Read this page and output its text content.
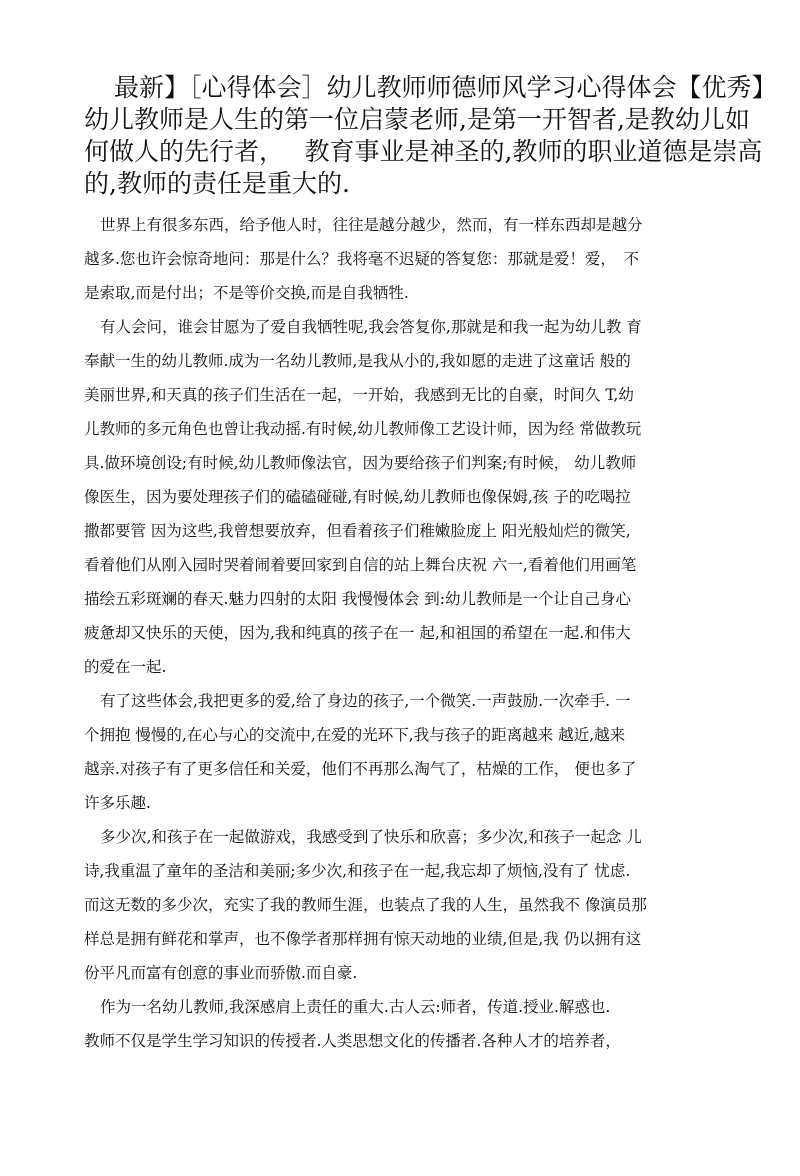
最新】［心得体会］幼儿教师师德师风学习心得体会【优秀】
幼儿教师是人生的第一位启蒙老师,是第一开智者,是教幼儿如
何做人的先行者，　 教育事业是神圣的,教师的职业道德是崇高
的,教师的责任是重大的.
世界上有很多东西，给予他人时，往往是越分越少，然而，有一样东西却是越分
越多.您也许会惊奇地问：那是什么？我将毫不迟疑的答复您：那就是爱！爱，　不
是索取,而是付出；不是等价交换,而是自我牺牲.
有人会问，谁会甘愿为了爱自我牺牲呢,我会答复你,那就是和我一起为幼儿教 育
奉献一生的幼儿教师.成为一名幼儿教师,是我从小的,我如愿的走进了这童话 般的
美丽世界,和天真的孩子们生活在一起，一开始，我感到无比的自豪，时间久 T,幼
儿教师的多元角色也曾让我动摇.有时候,幼儿教师像工艺设计师，因为经 常做教玩
具.做环境创设;有时候,幼儿教师像法官，因为要给孩子们判案;有时候， 幼儿教师
像医生，因为要处理孩子们的磕磕碰碰,有时候,幼儿教师也像保姆,孩 子的吃喝拉
撒都要管 因为这些,我曾想要放弃，但看着孩子们稚嫩脸庞上 阳光般灿烂的微笑,
看着他们从刚入园时哭着闹着要回家到自信的站上舞台庆祝 六一,看着他们用画笔
描绘五彩斑斓的春天.魅力四射的太阳 我慢慢体会 到:幼儿教师是一个让自己身心
疲惫却又快乐的天使，因为,我和纯真的孩子在一 起,和祖国的希望在一起.和伟大
的爱在一起.
有了这些体会,我把更多的爱,给了身边的孩子,一个微笑.一声鼓励.一次牵手. 一
个拥抱 慢慢的,在心与心的交流中,在爱的光环下,我与孩子的距离越来 越近,越来
越亲.对孩子有了更多信任和关爱，他们不再那么淘气了，枯燥的工作， 便也多了
许多乐趣.
多少次,和孩子在一起做游戏，我感受到了快乐和欣喜；多少次,和孩子一起念 儿
诗,我重温了童年的圣洁和美丽;多少次,和孩子在一起,我忘却了烦恼,没有了 忧虑.
而这无数的多少次，充实了我的教师生涯，也装点了我的人生，虽然我不 像演员那
样总是拥有鲜花和掌声，也不像学者那样拥有惊天动地的业绩,但是,我 仍以拥有这
份平凡而富有创意的事业而骄傲.而自豪.
作为一名幼儿教师,我深感肩上责任的重大.古人云:师者，传道.授业.解惑也.
教师不仅是学生学习知识的传授者.人类思想文化的传播者.各种人才的培养者，
